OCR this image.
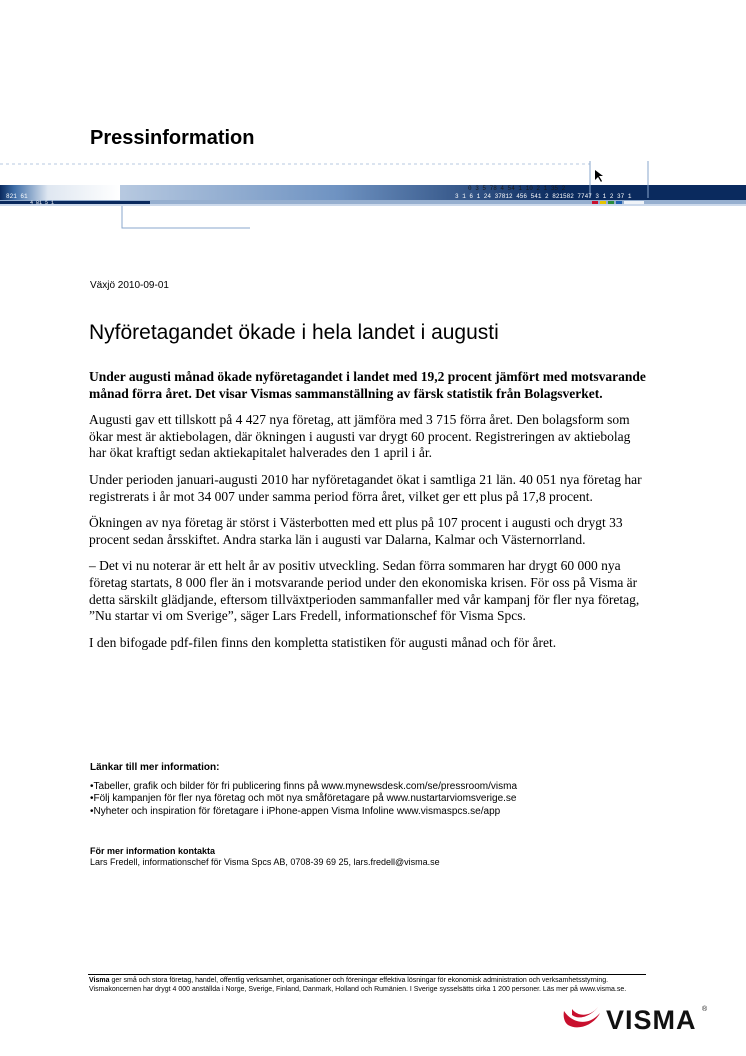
Pressinformation
0 3 5 78 4 54 1 10 2 1 35 2
3 1 6 1 24 37812 456 541 2 821582 7747 3 1 2 37 1
821 61
4 81 5 1
Växjö 2010-09-01
Nyföretagandet ökade i hela landet i augusti

Under augusti månad ökade nyföretagandet i landet med 19,2 procent jämfört med motsvarande månad förra året. Det visar Vismas sammanställning av färsk statistik från Bolagsverket.

Augusti gav ett tillskott på 4 427 nya företag, att jämföra med 3 715 förra året. Den bolagsform som ökar mest är aktiebolagen, där ökningen i augusti var drygt 60 procent. Registreringen av aktiebolag har ökat kraftigt sedan aktiekapitalet halverades den 1 april i år.

Under perioden januari-augusti 2010 har nyföretagandet ökat i samtliga 21 län. 40 051 nya företag har registrerats i år mot 34 007 under samma period förra året, vilket ger ett plus på 17,8 procent.

Ökningen av nya företag är störst i Västerbotten med ett plus på 107 procent i augusti och drygt 33 procent sedan årsskiftet. Andra starka län i augusti var Dalarna, Kalmar och Västernorrland.

– Det vi nu noterar är ett helt år av positiv utveckling. Sedan förra sommaren har drygt 60 000 nya företag startats, 8 000 fler än i motsvarande period under den ekonomiska krisen. För oss på Visma är detta särskilt glädjande, eftersom tillväxtperioden sammanfaller med vår kampanj för fler nya företag, ”Nu startar vi om Sverige”, säger Lars Fredell, informationschef för Visma Spcs.

I den bifogade pdf-filen finns den kompletta statistiken för augusti månad och för året.

Länkar till mer information:
• Tabeller, grafik och bilder för fri publicering finns på www.mynewsdesk.com/se/pressroom/visma
• Följ kampanjen för fler nya företag och möt nya småföretagare på www.nustartarviomsverige.se
• Nyheter och inspiration för företagare i iPhone-appen Visma Infoline www.vismaspcs.se/app
För mer information kontakta
Lars Fredell, informationschef för Visma Spcs AB, 0708-39 69 25, lars.fredell@visma.se
Visma ger små och stora företag, handel, offentlig verksamhet, organisationer och föreningar effektiva lösningar för ekonomisk administration och verksamhetsstyrning. Vismakoncernen har drygt 4 000 anställda i Norge, Sverige, Finland, Danmark, Holland och Rumänien. I Sverige sysselsätts cirka 1 200 personer. Läs mer på www.visma.se.
VISMA ®
